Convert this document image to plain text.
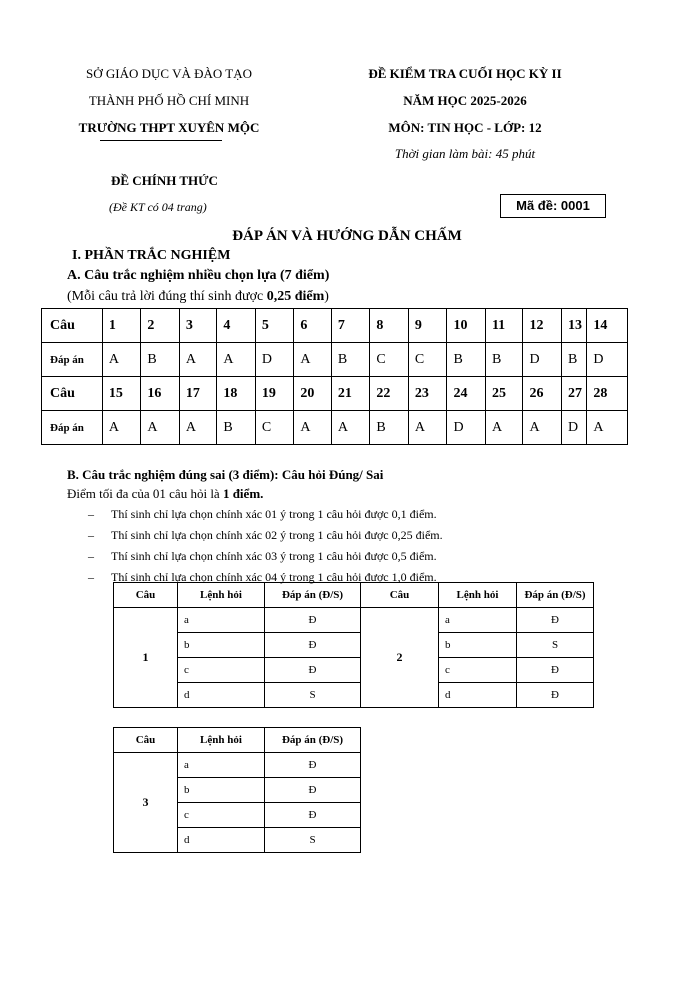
SỞ GIÁO DỤC VÀ ĐÀO TẠO
THÀNH PHỐ HỒ CHÍ MINH
TRƯỜNG THPT XUYÊN MỘC
ĐỀ KIỂM TRA CUỐI HỌC KỲ II
NĂM HỌC 2025-2026
MÔN: TIN HỌC - LỚP: 12
Thời gian làm bài: 45 phút
ĐỀ CHÍNH THỨC
(Đề KT có 04 trang)	Mã đề: 0001
ĐÁP ÁN VÀ HƯỚNG DẪN CHẤM
I. PHẦN TRẮC NGHIỆM
A. Câu trắc nghiệm nhiều chọn lựa (7 điểm)
(Mỗi câu trả lời đúng thí sinh được 0,25 điểm)
Câu	1	2	3	4	5	6	7	8	9	10	11	12	13	14
Đáp án	A	B	A	A	D	A	B	C	C	B	B	D	B	D
Câu	15	16	17	18	19	20	21	22	23	24	25	26	27	28
Đáp án	A	A	A	B	C	A	A	B	A	D	A	A	D	A
B. Câu trắc nghiệm đúng sai (3 điểm): Câu hỏi Đúng/ Sai
Điểm tối đa của 01 câu hỏi là 1 điểm.
– Thí sinh chỉ lựa chọn chính xác 01 ý trong 1 câu hỏi được 0,1 điểm.
– Thí sinh chỉ lựa chọn chính xác 02 ý trong 1 câu hỏi được 0,25 điểm.
– Thí sinh chỉ lựa chọn chính xác 03 ý trong 1 câu hỏi được 0,5 điểm.
– Thí sinh chỉ lựa chọn chính xác 04 ý trong 1 câu hỏi được 1,0 điểm.
Câu	Lệnh hỏi	Đáp án (Đ/S)	Câu	Lệnh hỏi	Đáp án (Đ/S)
1	a	Đ	2	a	Đ
	b	Đ		b	S
	c	Đ		c	Đ
	d	S		d	Đ
Câu	Lệnh hỏi	Đáp án (Đ/S)
3	a	Đ
	b	Đ
	c	Đ
	d	S
